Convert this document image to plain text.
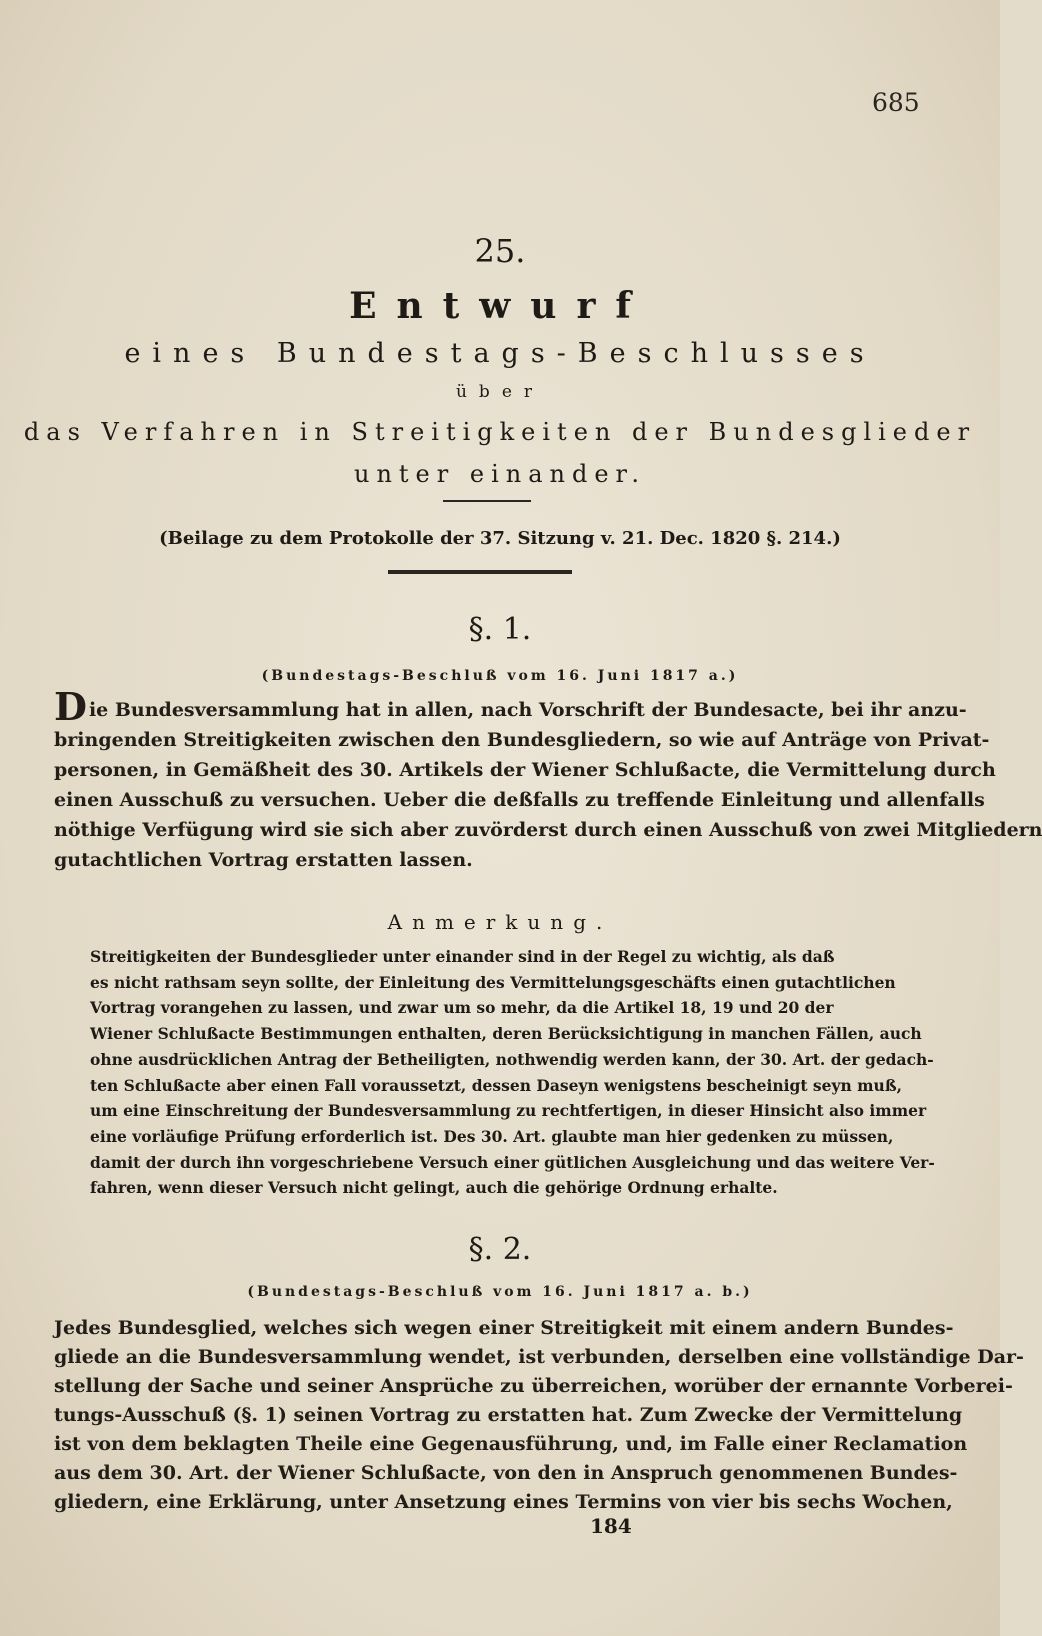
685
25.
Entwurf
eines Bundestags-Beschlusses
über
das Verfahren in Streitigkeiten der Bundesglieder
unter einander.
(Beilage zu dem Protokolle der 37. Sitzung v. 21. Dec. 1820 §. 214.)
§. 1.
(Bundestags-Beschluß vom 16. Juni 1817 a.)
Die Bundesversammlung hat in allen, nach Vorschrift der Bundesacte, bei ihr anzu-
bringenden Streitigkeiten zwischen den Bundesgliedern, so wie auf Anträge von Privat-
personen, in Gemäßheit des 30. Artikels der Wiener Schlußacte, die Vermittelung durch
einen Ausschuß zu versuchen. Ueber die deßfalls zu treffende Einleitung und allenfalls
nöthige Verfügung wird sie sich aber zuvörderst durch einen Ausschuß von zwei Mitgliedern
gutachtlichen Vortrag erstatten lassen.
Anmerkung.
Streitigkeiten der Bundesglieder unter einander sind in der Regel zu wichtig, als daß
es nicht rathsam seyn sollte, der Einleitung des Vermittelungsgeschäfts einen gutachtlichen
Vortrag vorangehen zu lassen, und zwar um so mehr, da die Artikel 18, 19 und 20 der
Wiener Schlußacte Bestimmungen enthalten, deren Berücksichtigung in manchen Fällen, auch
ohne ausdrücklichen Antrag der Betheiligten, nothwendig werden kann, der 30. Art. der gedach-
ten Schlußacte aber einen Fall voraussetzt, dessen Daseyn wenigstens bescheinigt seyn muß,
um eine Einschreitung der Bundesversammlung zu rechtfertigen, in dieser Hinsicht also immer
eine vorläufige Prüfung erforderlich ist. Des 30. Art. glaubte man hier gedenken zu müssen,
damit der durch ihn vorgeschriebene Versuch einer gütlichen Ausgleichung und das weitere Ver-
fahren, wenn dieser Versuch nicht gelingt, auch die gehörige Ordnung erhalte.
§. 2.
(Bundestags-Beschluß vom 16. Juni 1817 a. b.)
Jedes Bundesglied, welches sich wegen einer Streitigkeit mit einem andern Bundes-
gliede an die Bundesversammlung wendet, ist verbunden, derselben eine vollständige Dar-
stellung der Sache und seiner Ansprüche zu überreichen, worüber der ernannte Vorberei-
tungs-Ausschuß (§. 1) seinen Vortrag zu erstatten hat. Zum Zwecke der Vermittelung
ist von dem beklagten Theile eine Gegenausführung, und, im Falle einer Reclamation
aus dem 30. Art. der Wiener Schlußacte, von den in Anspruch genommenen Bundes-
gliedern, eine Erklärung, unter Ansetzung eines Termins von vier bis sechs Wochen,
184
